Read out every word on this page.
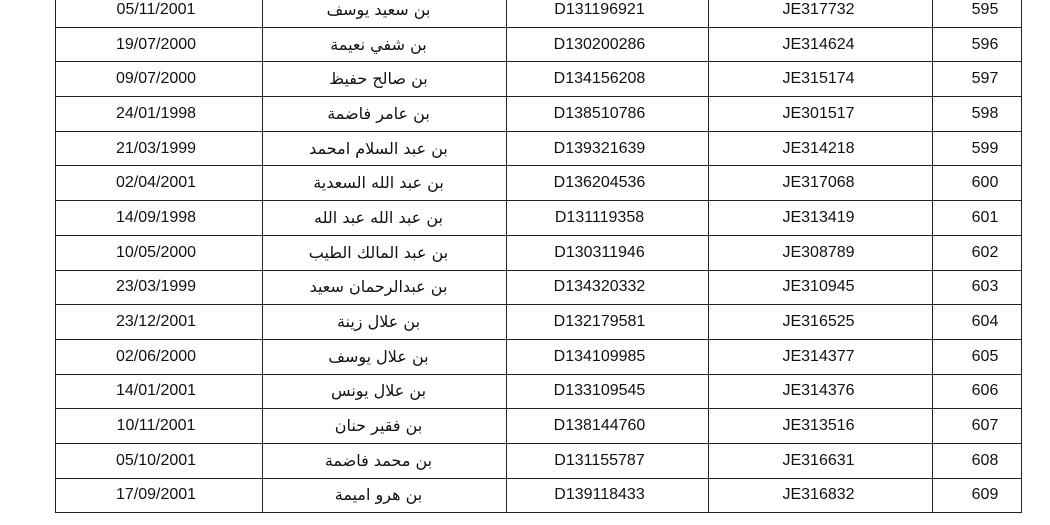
05/11/2001	بن سعيد يوسف	D131196921	JE317732	595
19/07/2000	بن شفي نعيمة	D130200286	JE314624	596
09/07/2000	بن صالح حفيظ	D134156208	JE315174	597
24/01/1998	بن عامر فاضمة	D138510786	JE301517	598
21/03/1999	بن عبد السلام امحمد	D139321639	JE314218	599
02/04/2001	بن عبد الله السعدية	D136204536	JE317068	600
14/09/1998	بن عبد الله عبد الله	D131119358	JE313419	601
10/05/2000	بن عبد المالك الطيب	D130311946	JE308789	602
23/03/1999	بن عبدالرحمان سعيد	D134320332	JE310945	603
23/12/2001	بن علال زينة	D132179581	JE316525	604
02/06/2000	بن علال يوسف	D134109985	JE314377	605
14/01/2001	بن علال يونس	D133109545	JE314376	606
10/11/2001	بن فقير حنان	D138144760	JE313516	607
05/10/2001	بن محمد فاضمة	D131155787	JE316631	608
17/09/2001	بن هرو اميمة	D139118433	JE316832	609
